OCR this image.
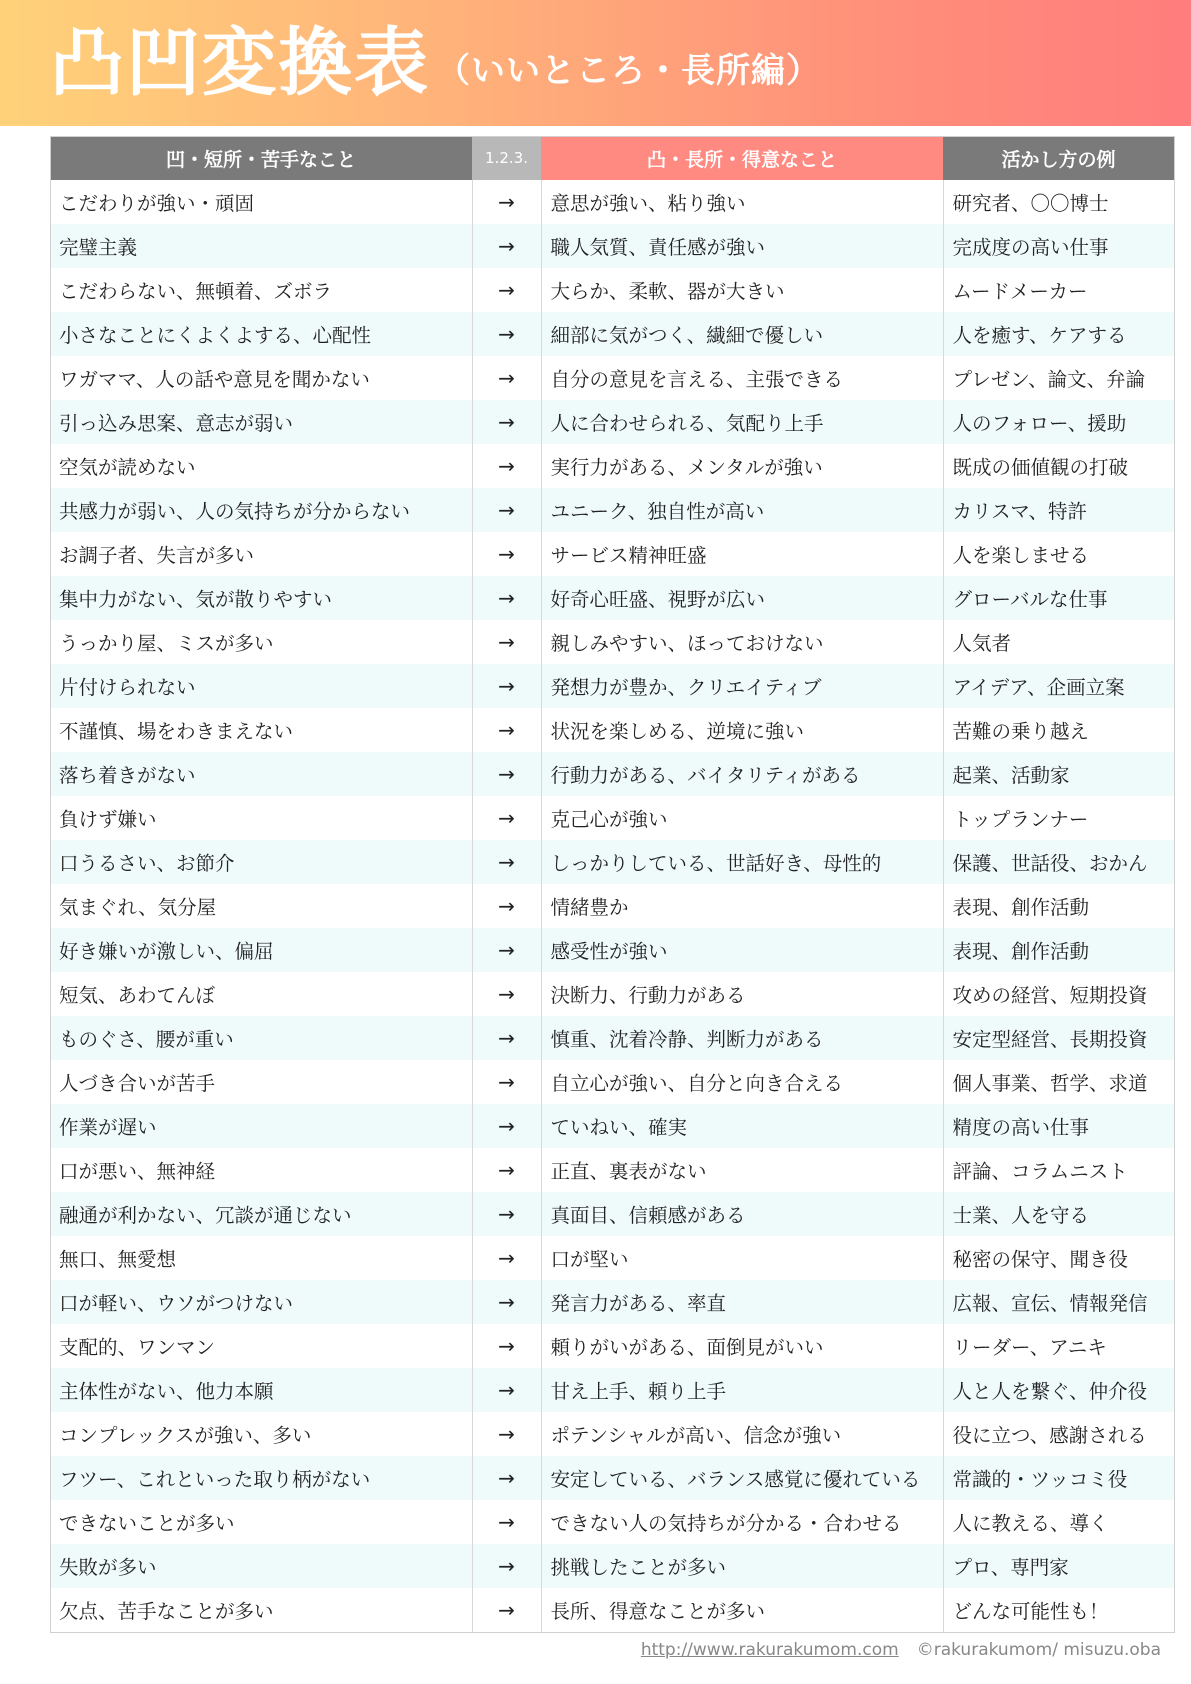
凸凹変換表 （いいところ・長所編）
凹・短所・苦手なこと	1.2.3.	凸・長所・得意なこと	活かし方の例
こだわりが強い・頑固	→	意思が強い、粘り強い	研究者、〇〇博士
完璧主義	→	職人気質、責任感が強い	完成度の高い仕事
こだわらない、無頓着、ズボラ	→	大らか、柔軟、器が大きい	ムードメーカー
小さなことにくよくよする、心配性	→	細部に気がつく、繊細で優しい	人を癒す、ケアする
ワガママ、人の話や意見を聞かない	→	自分の意見を言える、主張できる	プレゼン、論文、弁論
引っ込み思案、意志が弱い	→	人に合わせられる、気配り上手	人のフォロー、援助
空気が読めない	→	実行力がある、メンタルが強い	既成の価値観の打破
共感力が弱い、人の気持ちが分からない	→	ユニーク、独自性が高い	カリスマ、特許
お調子者、失言が多い	→	サービス精神旺盛	人を楽しませる
集中力がない、気が散りやすい	→	好奇心旺盛、視野が広い	グローバルな仕事
うっかり屋、ミスが多い	→	親しみやすい、ほっておけない	人気者
片付けられない	→	発想力が豊か、クリエイティブ	アイデア、企画立案
不謹慎、場をわきまえない	→	状況を楽しめる、逆境に強い	苦難の乗り越え
落ち着きがない	→	行動力がある、バイタリティがある	起業、活動家
負けず嫌い	→	克己心が強い	トップランナー
口うるさい、お節介	→	しっかりしている、世話好き、母性的	保護、世話役、おかん
気まぐれ、気分屋	→	情緒豊か	表現、創作活動
好き嫌いが激しい、偏屈	→	感受性が強い	表現、創作活動
短気、あわてんぼ	→	決断力、行動力がある	攻めの経営、短期投資
ものぐさ、腰が重い	→	慎重、沈着冷静、判断力がある	安定型経営、長期投資
人づき合いが苦手	→	自立心が強い、自分と向き合える	個人事業、哲学、求道
作業が遅い	→	ていねい、確実	精度の高い仕事
口が悪い、無神経	→	正直、裏表がない	評論、コラムニスト
融通が利かない、冗談が通じない	→	真面目、信頼感がある	士業、人を守る
無口、無愛想	→	口が堅い	秘密の保守、聞き役
口が軽い、ウソがつけない	→	発言力がある、率直	広報、宣伝、情報発信
支配的、ワンマン	→	頼りがいがある、面倒見がいい	リーダー、アニキ
主体性がない、他力本願	→	甘え上手、頼り上手	人と人を繋ぐ、仲介役
コンプレックスが強い、多い	→	ポテンシャルが高い、信念が強い	役に立つ、感謝される
フツー、これといった取り柄がない	→	安定している、バランス感覚に優れている	常識的・ツッコミ役
できないことが多い	→	できない人の気持ちが分かる・合わせる	人に教える、導く
失敗が多い	→	挑戦したことが多い	プロ、専門家
欠点、苦手なことが多い	→	長所、得意なことが多い	どんな可能性も！
http://www.rakurakumom.com ©rakurakumom/ misuzu.oba
